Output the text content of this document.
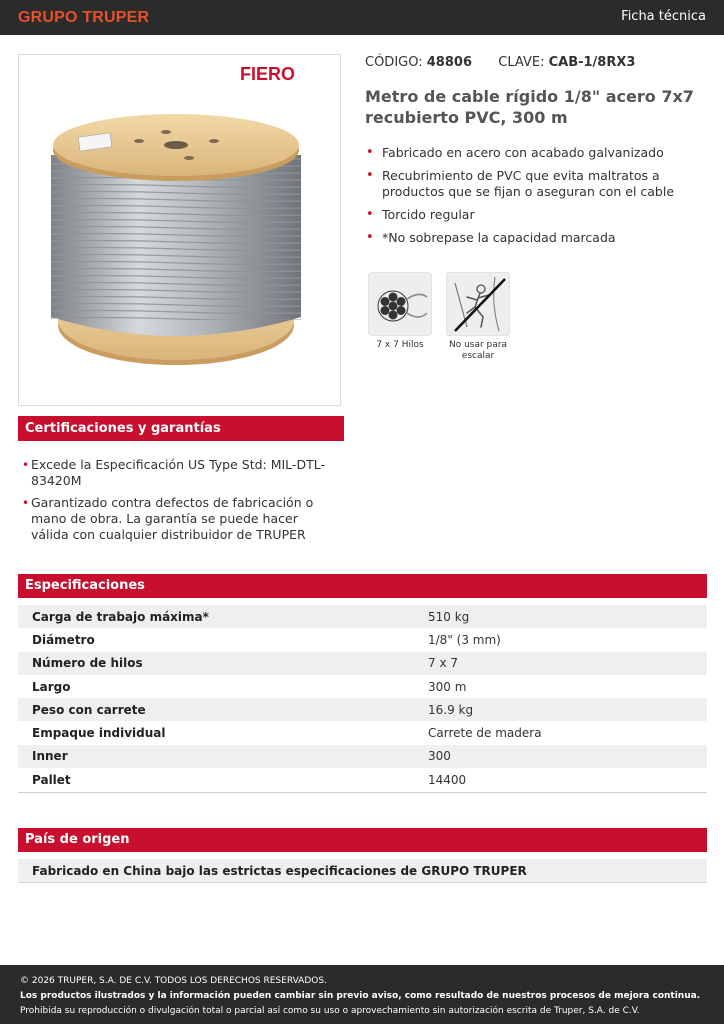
GRUPO TRUPER	Ficha técnica
FIERO
CÓDIGO: 48806 CLAVE: CAB-1/8RX3
Metro de cable rígido 1/8" acero 7x7 recubierto PVC, 300 m
• Fabricado en acero con acabado galvanizado
• Recubrimiento de PVC que evita maltratos a productos que se fijan o aseguran con el cable
• Torcido regular
• *No sobrepase la capacidad marcada
7 x 7 Hilos	No usar para escalar
Certificaciones y garantías
• Excede la Especificación US Type Std: MIL-DTL-83420M
• Garantizado contra defectos de fabricación o mano de obra. La garantía se puede hacer válida con cualquier distribuidor de TRUPER
Especificaciones
Carga de trabajo máxima*	510 kg
Diámetro	1/8" (3 mm)
Número de hilos	7 x 7
Largo	300 m
Peso con carrete	16.9 kg
Empaque individual	Carrete de madera
Inner	300
Pallet	14400
País de origen
Fabricado en China bajo las estrictas especificaciones de GRUPO TRUPER
© 2026 TRUPER, S.A. DE C.V. TODOS LOS DERECHOS RESERVADOS.
Los productos ilustrados y la información pueden cambiar sin previo aviso, como resultado de nuestros procesos de mejora continua.
Prohibida su reproducción o divulgación total o parcial así como su uso o aprovechamiento sin autorización escrita de Truper, S.A. de C.V.
